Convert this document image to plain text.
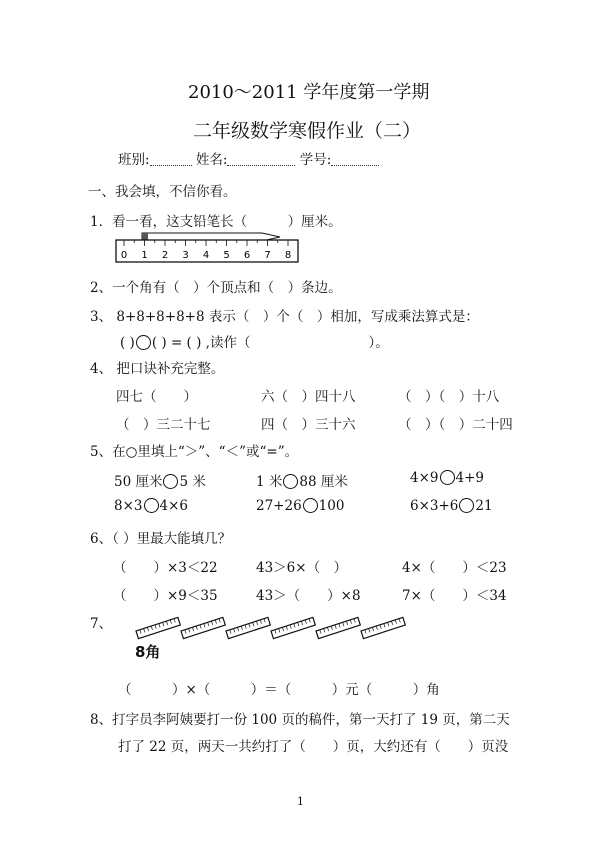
2010～2011 学年度第一学期
二年级数学寒假作业（二）
班别:	姓名:	学号:
一、我会填，不信你看。
1．看一看，这支铅笔长（　　　）厘米。
0 1 2 3 4 5 6 7 8
2、一个角有（　）个顶点和（　）条边。
3、 8+8+8+8+8 表示（　）个（　）相加，写成乘法算式是：
( ) ( ) = ( ) ,读作（	）。
4、 把口诀补充完整。
四七（　　）	六（　）四十八	（　）（　）十八
（　）三二十七	四（　）三十六	（　）（　）二十四
5、在○里填上“＞”、“＜”或“=”。
50 厘米 5 米	1 米 88 厘米	4×9 4+9
8×3 4×6	27+26 100	6×3+6 21
6、（ ）里最大能填几？
（　　）×3＜22	43＞6×（　）	4×（　　）＜23
（　　）×9＜35	43＞（　　）×8	7×（　　）＜34
7、
8角
（　　　）×（　　　）＝（　　　）元（　　　）角
8、打字员李阿姨要打一份 100 页的稿件，第一天打了 19 页，第二天
打了 22 页，两天一共约打了（　　）页，大约还有（　　）页没
1
